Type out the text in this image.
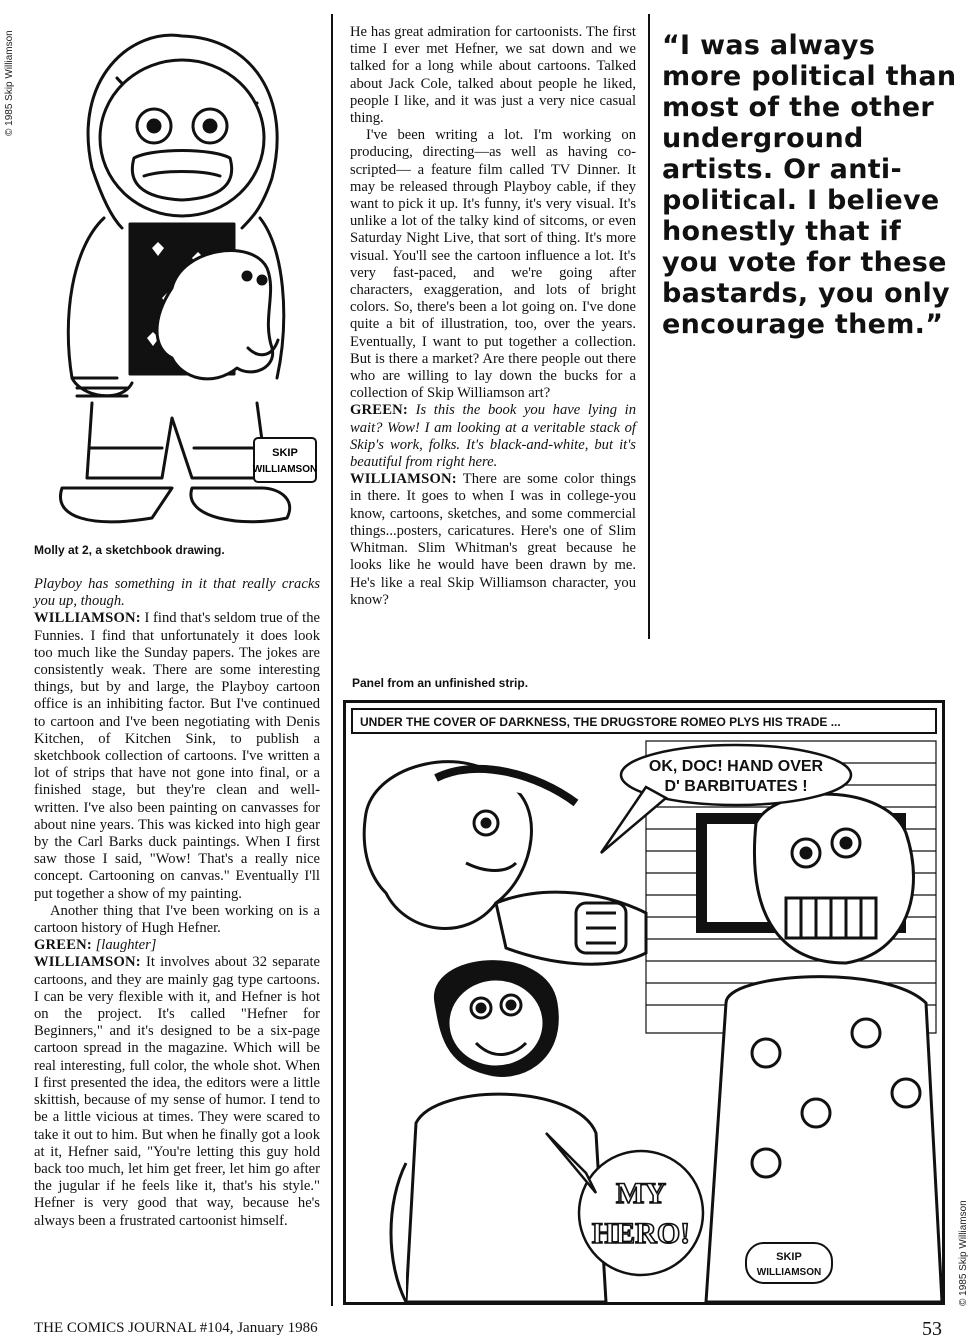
© 1985 Skip Williamson
© 1985 Skip Williamson
SKIP
WILLIAMSON
Molly at 2, a sketchbook drawing.

Playboy has something in it that really cracks you up, though.

WILLIAMSON: I find that's seldom true of the Funnies. I find that unfortunately it does look too much like the Sunday papers. The jokes are consistently weak. There are some interesting things, but by and large, the Playboy cartoon office is an inhibiting factor. But I've continued to cartoon and I've been negotiating with Denis Kitchen, of Kitchen Sink, to publish a sketchbook collection of cartoons. I've written a lot of strips that have not gone into final, or a finished stage, but they're clean and well-written. I've also been painting on canvasses for about nine years. This was kicked into high gear by the Carl Barks duck paintings. When I first saw those I said, "Wow! That's a really nice concept. Cartooning on canvas." Eventually I'll put together a show of my painting.

Another thing that I've been working on is a cartoon history of Hugh Hefner.

GREEN: [laughter]

WILLIAMSON: It involves about 32 separate cartoons, and they are mainly gag type cartoons. I can be very flexible with it, and Hefner is hot on the project. It's called "Hefner for Beginners," and it's designed to be a six-page cartoon spread in the magazine. Which will be real interesting, full color, the whole shot. When I first presented the idea, the editors were a little skittish, because of my sense of humor. I tend to be a little vicious at times. They were scared to take it out to him. But when he finally got a look at it, Hefner said, "You're letting this guy hold back too much, let him get freer, let him go after the jugular if he feels like it, that's his style." Hefner is very good that way, because he's always been a frustrated cartoonist himself.

He has great admiration for cartoonists. The first time I ever met Hefner, we sat down and we talked for a long while about cartoons. Talked about Jack Cole, talked about people he liked, people I like, and it was just a very nice casual thing.

I've been writing a lot. I'm working on producing, directing—as well as having co-scripted— a feature film called TV Dinner. It may be released through Playboy cable, if they want to pick it up. It's funny, it's very visual. It's unlike a lot of the talky kind of sitcoms, or even Saturday Night Live, that sort of thing. It's more visual. You'll see the cartoon influence a lot. It's very fast-paced, and we're going after characters, exaggeration, and lots of bright colors. So, there's been a lot going on. I've done quite a bit of illustration, too, over the years. Eventually, I want to put together a collection. But is there a market? Are there people out there who are willing to lay down the bucks for a collection of Skip Williamson art?

GREEN: Is this the book you have lying in wait? Wow! I am looking at a veritable stack of Skip's work, folks. It's black-and-white, but it's beautiful from right here.

WILLIAMSON: There are some color things in there. It goes to when I was in college-you know, cartoons, sketches, and some commercial things...posters, caricatures. Here's one of Slim Whitman. Slim Whitman's great because he looks like he would have been drawn by me. He's like a real Skip Williamson character, you know?

“I was always more political than most of the other underground artists. Or anti-political. I believe honestly that if you vote for these bastards, you only encourage them.”
Panel from an unfinished strip.
UNDER THE COVER OF DARKNESS, THE DRUGSTORE ROMEO PLYS HIS TRADE ...
OK, DOC! HAND OVER
D' BARBITUATES !
MY
HERO!
SKIP
WILLIAMSON
THE COMICS JOURNAL #104, January 1986	53
